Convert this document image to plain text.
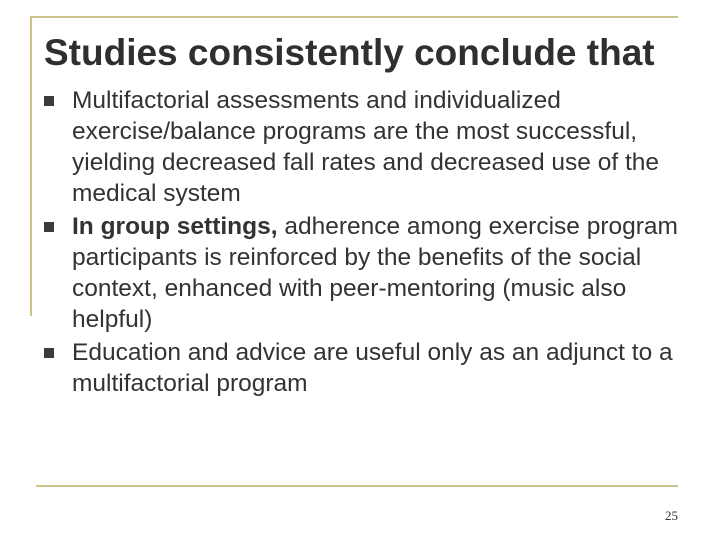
Studies consistently conclude that
Multifactorial assessments and individualized exercise/balance programs are the most successful, yielding decreased fall rates and decreased use of the medical system
In group settings, adherence among exercise program participants is reinforced by the benefits of the social context, enhanced with peer-mentoring (music also helpful)
Education and advice are useful only as an adjunct to a multifactorial program
25
